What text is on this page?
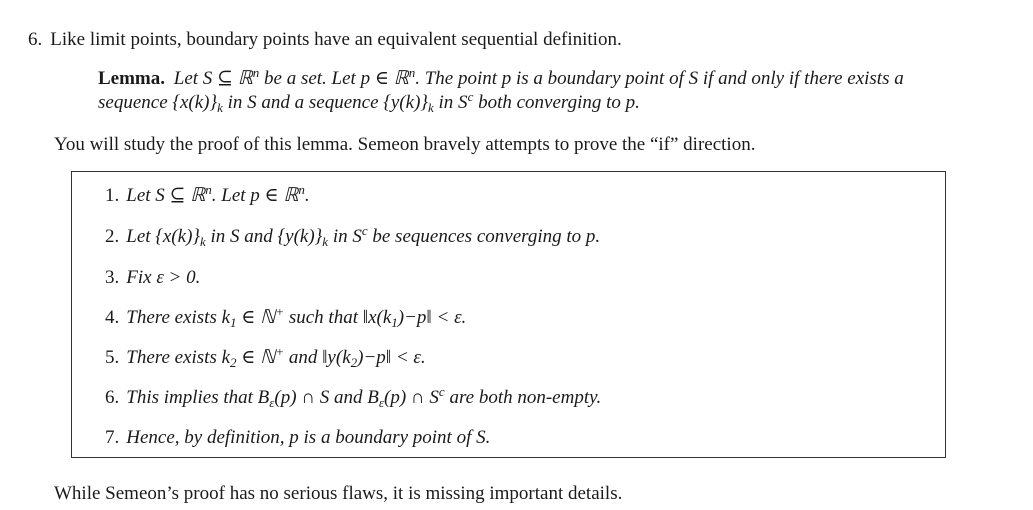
6. Like limit points, boundary points have an equivalent sequential definition.
Lemma. Let S ⊆ ℝ$^n$ be a set. Let p ∈ ℝ$^n$. The point p is a boundary point of S if and only if there exists a sequence $\{x(k)\}_k$ in S and a sequence $\{y(k)\}_k$ in $S^c$ both converging to p.
You will study the proof of this lemma. Semeon bravely attempts to prove the “if” direction.
1. Let S ⊆ ℝ$^n$. Let p ∈ ℝ$^n$.
2. Let $\{x(k)\}_k$ in S and $\{y(k)\}_k$ in $S^c$ be sequences converging to p.
3. Fix ε > 0.
4. There exists $k_1$ ∈ ℕ+ such that $‖x(k_1)-p‖ < \varepsilon$.
5. There exists $k_2$ ∈ ℕ+ and $‖y(k_2)-p‖ < \varepsilon$.
6. This implies that $B_\varepsilon(p)$ ∩ S and $B_\varepsilon(p)$ ∩ $S^c$ are both non-empty.
7. Hence, by definition, p is a boundary point of S.
While Semeon’s proof has no serious flaws, it is missing important details.
